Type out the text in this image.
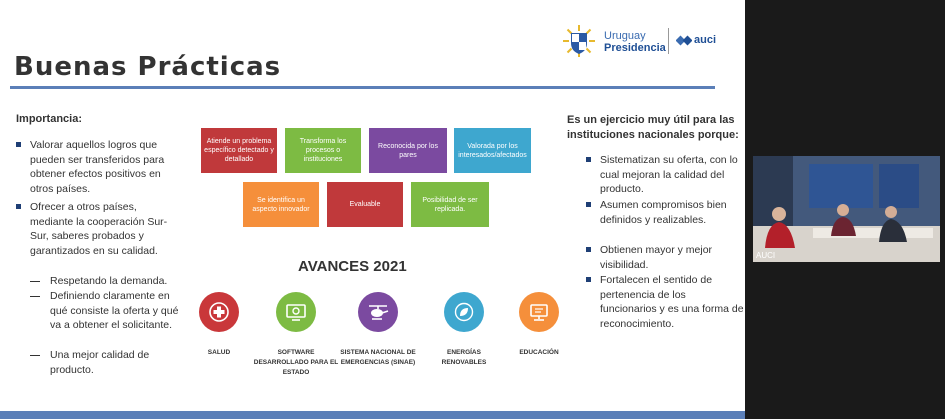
Buenas Prácticas
Uruguay
Presidencia
auci
Importancia:
Valorar aquellos logros que pueden ser transferidos para obtener efectos positivos en otros países.
Ofrecer a otros países, mediante la cooperación Sur-Sur, saberes probados y garantizados en su calidad.
Respetando la demanda.
Definiendo claramente en qué consiste la oferta y qué va a obtener el solicitante.
Una mejor calidad de producto.
Atiende un problema específico detectado y detallado
Transforma los procesos o instituciones
Reconocida por los pares
Valorada por los interesados/afectados
Se identifica un aspecto innovador
Evaluable
Posibilidad de ser replicada.
AVANCES 2021
SALUD	SOFTWARE DESARROLLADO PARA EL ESTADO
SISTEMA NACIONAL DE EMERGENCIAS (SINAE)
ENERGÍAS RENOVABLES
EDUCACIÓN
Es un ejercicio muy útil para las instituciones nacionales porque:
Sistematizan su oferta, con lo cual mejoran la calidad del producto.
Asumen compromisos bien definidos y realizables.
Obtienen mayor y mejor visibilidad.
Fortalecen el sentido de pertenencia de los funcionarios y es una forma de reconocimiento.
AUCI
